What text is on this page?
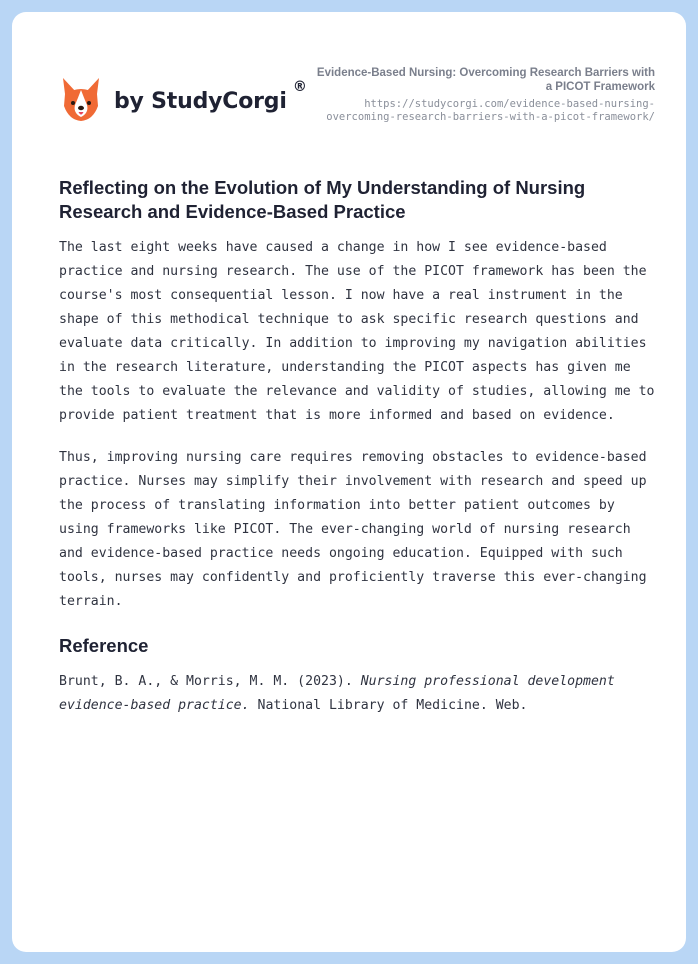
by StudyCorgi
®
Evidence-Based Nursing: Overcoming Research Barriers with a PICOT Framework
https://studycorgi.com/evidence-based-nursing-overcoming-research-barriers-with-a-picot-framework/
Reflecting on the Evolution of My Understanding of Nursing Research and Evidence-Based Practice

The last eight weeks have caused a change in how I see evidence-based practice and nursing research. The use of the PICOT framework has been the course's most consequential lesson. I now have a real instrument in the shape of this methodical technique to ask specific research questions and evaluate data critically. In addition to improving my navigation abilities in the research literature, understanding the PICOT aspects has given me the tools to evaluate the relevance and validity of studies, allowing me to provide patient treatment that is more informed and based on evidence.

Thus, improving nursing care requires removing obstacles to evidence-based practice. Nurses may simplify their involvement with research and speed up the process of translating information into better patient outcomes by using frameworks like PICOT. The ever-changing world of nursing research and evidence-based practice needs ongoing education. Equipped with such tools, nurses may confidently and proficiently traverse this ever-changing terrain.

Reference

Brunt, B. A., & Morris, M. M. (2023). Nursing professional development evidence-based practice. National Library of Medicine. Web.
